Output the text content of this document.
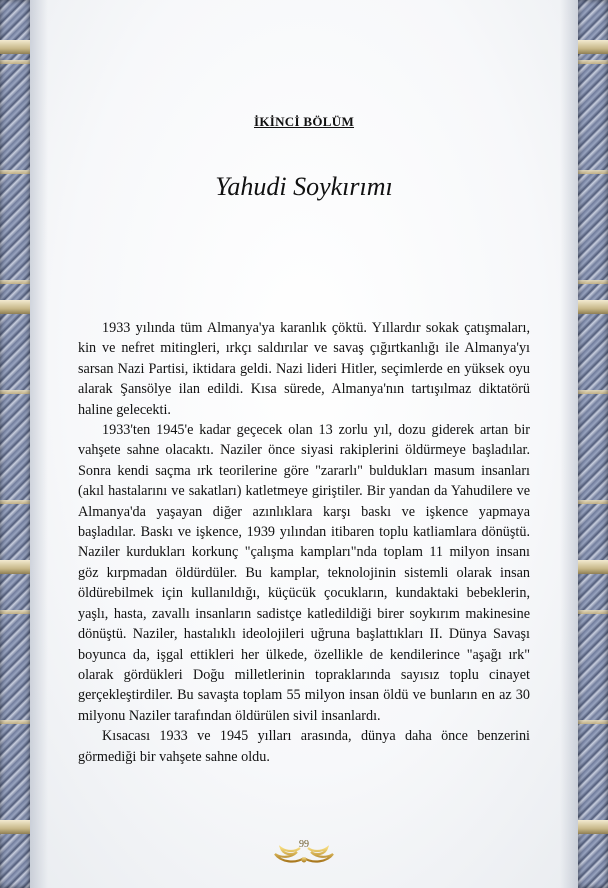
İKİNCİ BÖLÜM
Yahudi Soykırımı

1933 yılında tüm Almanya'ya karanlık çöktü. Yıllardır sokak çatışmaları, kin ve nefret mitingleri, ırkçı saldırılar ve savaş çığırtkanlığı ile Almanya'yı sarsan Nazi Partisi, iktidara geldi. Nazi lideri Hitler, seçimlerde en yüksek oyu alarak Şansölye ilan edildi. Kısa sürede, Almanya'nın tartışılmaz diktatörü haline gelecekti.

1933'ten 1945'e kadar geçecek olan 13 zorlu yıl, dozu giderek artan bir vahşete sahne olacaktı. Naziler önce siyasi rakiplerini öldürmeye başladılar. Sonra kendi saçma ırk teorilerine göre "zararlı" buldukları masum insanları (akıl hastalarını ve sakatları) katletmeye giriştiler. Bir yandan da Yahudilere ve Almanya'da yaşayan diğer azınlıklara karşı baskı ve işkence yapmaya başladılar. Baskı ve işkence, 1939 yılından itibaren toplu katliamlara dönüştü. Naziler kurdukları korkunç "çalışma kampları"nda toplam 11 milyon insanı göz kırpmadan öldürdüler. Bu kamplar, teknolojinin sistemli olarak insan öldürebilmek için kullanıldığı, küçücük çocukların, kundaktaki bebeklerin, yaşlı, hasta, zavallı insanların sadistçe katledildiği birer soykırım makinesine dönüştü. Naziler, hastalıklı ideolojileri uğruna başlattıkları II. Dünya Savaşı boyunca da, işgal ettikleri her ülkede, özellikle de kendilerince "aşağı ırk" olarak gördükleri Doğu milletlerinin topraklarında sayısız toplu cinayet gerçekleştirdiler. Bu savaşta toplam 55 milyon insan öldü ve bunların en az 30 milyonu Naziler tarafından öldürülen sivil insanlardı.

Kısacası 1933 ve 1945 yılları arasında, dünya daha önce benzerini görmediği bir vahşete sahne oldu.

99
